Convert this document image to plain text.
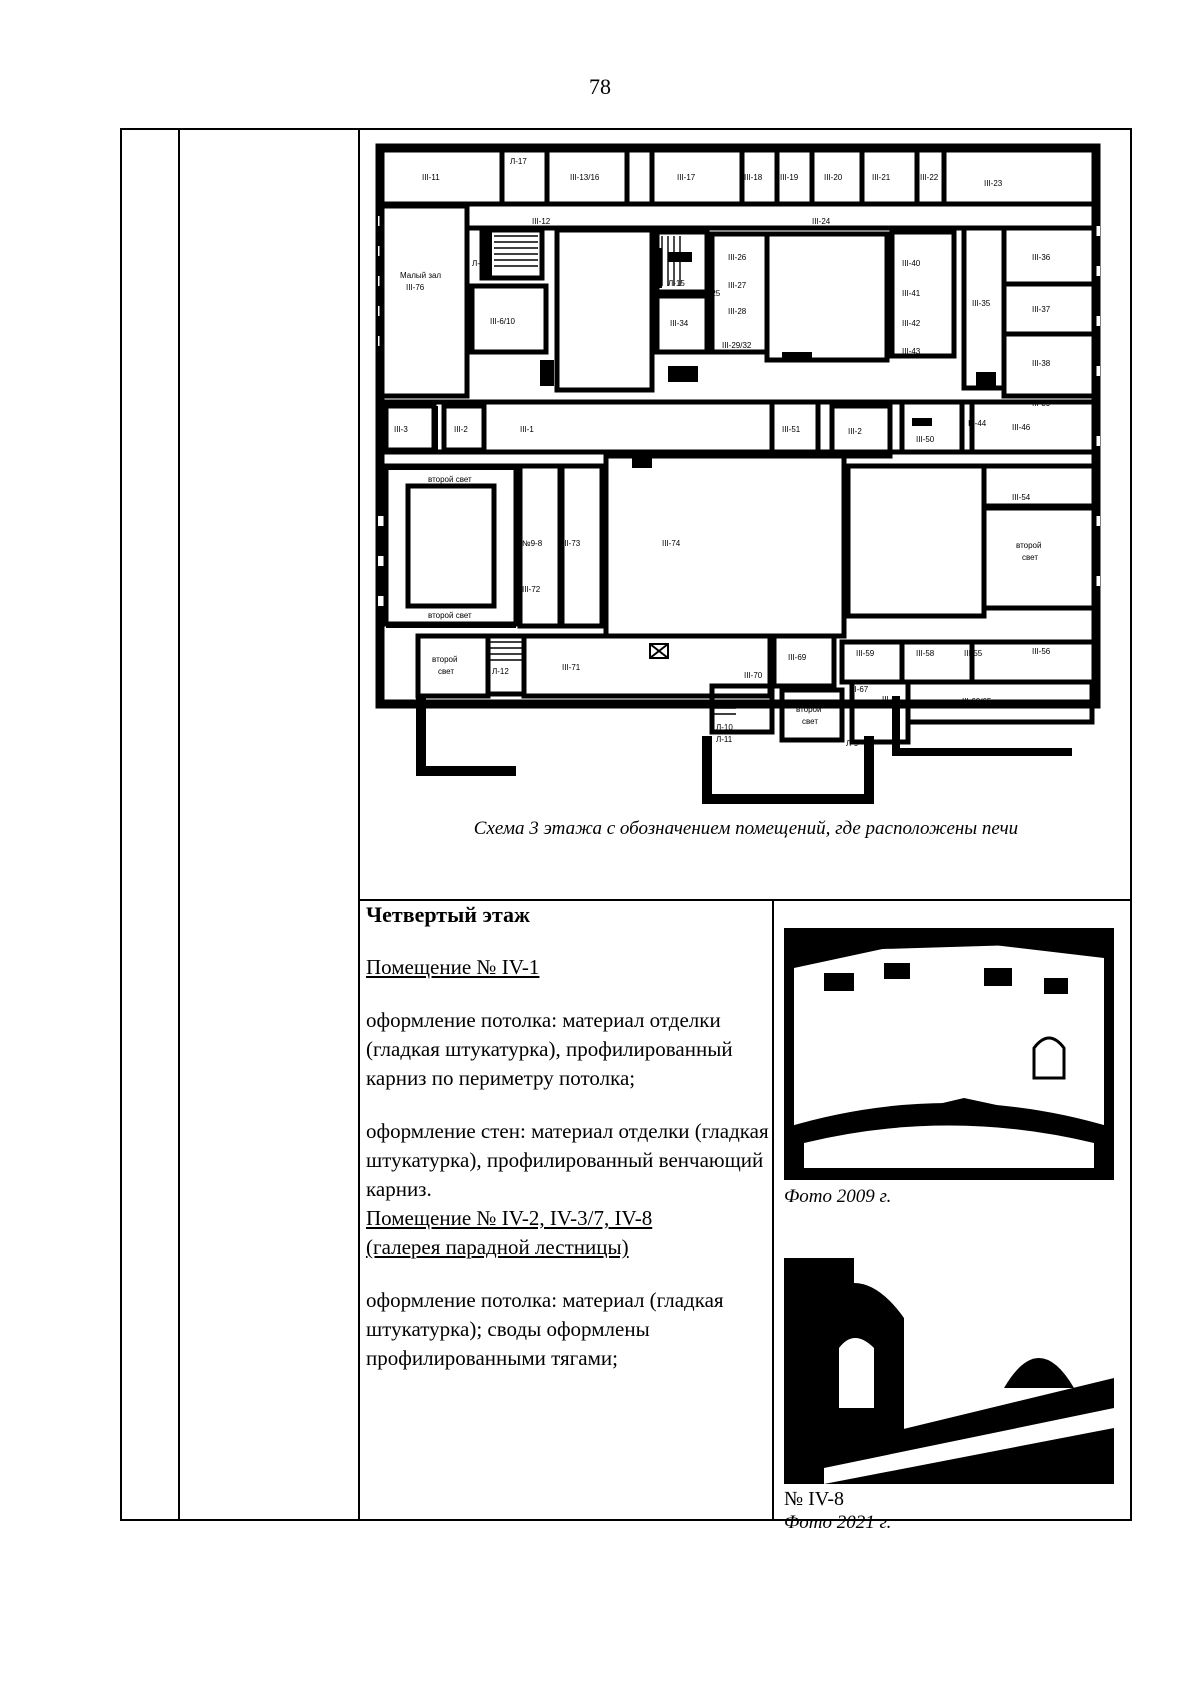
78
III-11
Л-17
III-13/16	III-17	III-18 III-19	III-20	III-21	III-22
III-23
III-12	III-24
Л-14
III-36
III-37
III-38
III-39
III-40
III-41
III-42
III-43
III-35
III-26
III-27
III-28
III-29/32
Л-15
III-34
III-25
Малый зал
III-76
III-6/10
III-3	III-2	III-1	III-51	III-2	III-46
III-50
III-44
III-54
№9-8 III-73	III-74
III-72
III-71
III-69
III-70
III-59	III-58	III-55	III-56
III-60/65
III-67
III-66
Л-10
Л-11	Л-9
Л-12
второй свет
второй свет
второй
свет
второй
свет
второй
свет
Схема 3 этажа с обозначением помещений, где расположены печи
Четвертый этаж
Помещение № IV-1
оформление потолка: материал отделки (гладкая штукатурка), профилированный карниз по периметру потолка;
оформление стен: материал отделки (гладкая штукатурка), профилированный венчающий карниз.
Помещение № IV-2, IV-3/7, IV-8
(галерея парадной лестницы)
оформление потолка: материал (гладкая штукатурка); своды оформлены профилированными тягами;
Фото 2009 г.
№ IV-8
Фото 2021 г.
